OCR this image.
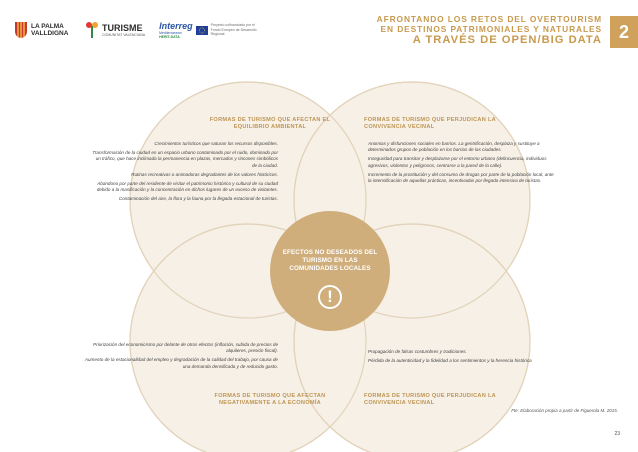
LA PALMA VALLDIGNA
TURISME
COMUNITAT VALENCIANA
Interreg
Mediterranean
HERIT-DATA
Proyecto cofinanciado por el Fondo Europeo de Desarrollo Regional
AFRONTANDO LOS RETOS DEL OVERTOURISM
EN DESTINOS PATRIMONIALES Y NATURALES
A TRAVÉS DE OPEN/BIG DATA 2
FORMAS DE TURISMO QUE AFECTAN EL EQUILIBRIO AMBIENTAL

Crecimientos turísticos que saturan los recursos disponibles.

Transformación de la ciudad en un espacio urbano contaminado por el ruido, dominado por un tráfico, que hace inclimada la permanencia en plazas, mercados y rincones simbólicos de la ciudad.

Rutinas recreativas o animadoras degradantes de los valores históricos.

Abandono por parte del residente de visitar el patrimonio histórico y cultural de su ciudad debido a la masificación y la concentración en dichos lugares de un exceso de visitantes.

Contaminación del aire, la flora y la fauna por la llegada estacional de turistas.

FORMAS DE TURISMO QUE PERJUDICAN LA CONVIVENCIA VECINAL

Anomias y disfunciones sociales en barrios. La gentrificación, desplaza y sustituye a determinados grupos de población en los barrios de las ciudades.

Inseguridad para transitar y desplazarse por el entorno urbano (delincuencia, individuos agresivos, violentos y peligrosos, centrarse a la pared de la calle).

Incremento de la prostitución y del consumo de drogas por parte de la población local, ante la intensificación de aquellas prácticas, incentivadas por llegada intensiva de turistas.

EFECTOS NO DESEADOS DEL TURISMO EN LAS COMUNIDADES LOCALES
!

Priorización del economicismo por delante de otros efectos (inflación, subida de precios de alquileres, presión fiscal).

Aumento de la estacionalidad del empleo y degradación de la calidad del trabajo, por causa de una demanda densificada y de reducido gasto.

FORMAS DE TURISMO QUE AFECTAN NEGATIVAMENTE A LA ECONOMÍA

Propagación de falsas costumbres y tradiciones.

Pérdida de la autenticidad y la fidelidad a los sentimientos y la herencia histórica

FORMAS DE TURISMO QUE PERJUDICAN LA CONVIVENCIA VECINAL
Fte: Elaboración propia a partir de Figuerola M. 2015.
23
